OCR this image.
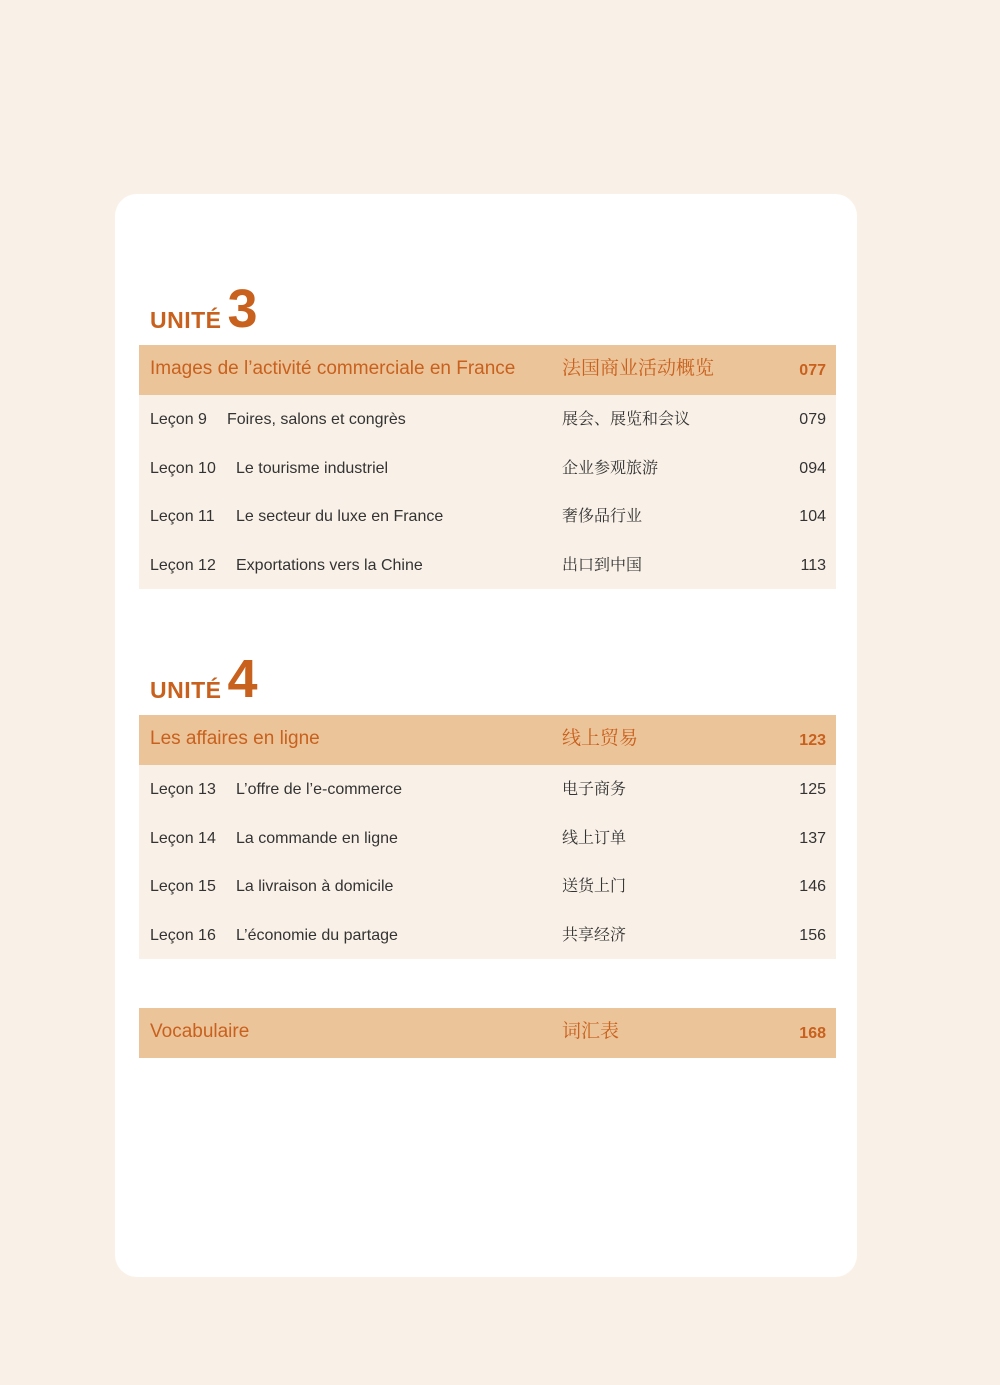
UNITÉ 3
Images de l’activité commerciale en France 法国商业活动概览	077
Leçon 9 Foires, salons et congrès	展会、展览和会议	079
Leçon 10 Le tourisme industriel	企业参观旅游	094
Leçon 11 Le secteur du luxe en France	奢侈品行业	104
Leçon 12 Exportations vers la Chine	出口到中国	113
UNITÉ 4
Les affaires en ligne	线上贸易	123
Leçon 13 L’offre de l’e-commerce	电子商务	125
Leçon 14 La commande en ligne	线上订单	137
Leçon 15 La livraison à domicile	送货上门	146
Leçon 16 L’économie du partage	共享经济	156
Vocabulaire	词汇表	168
